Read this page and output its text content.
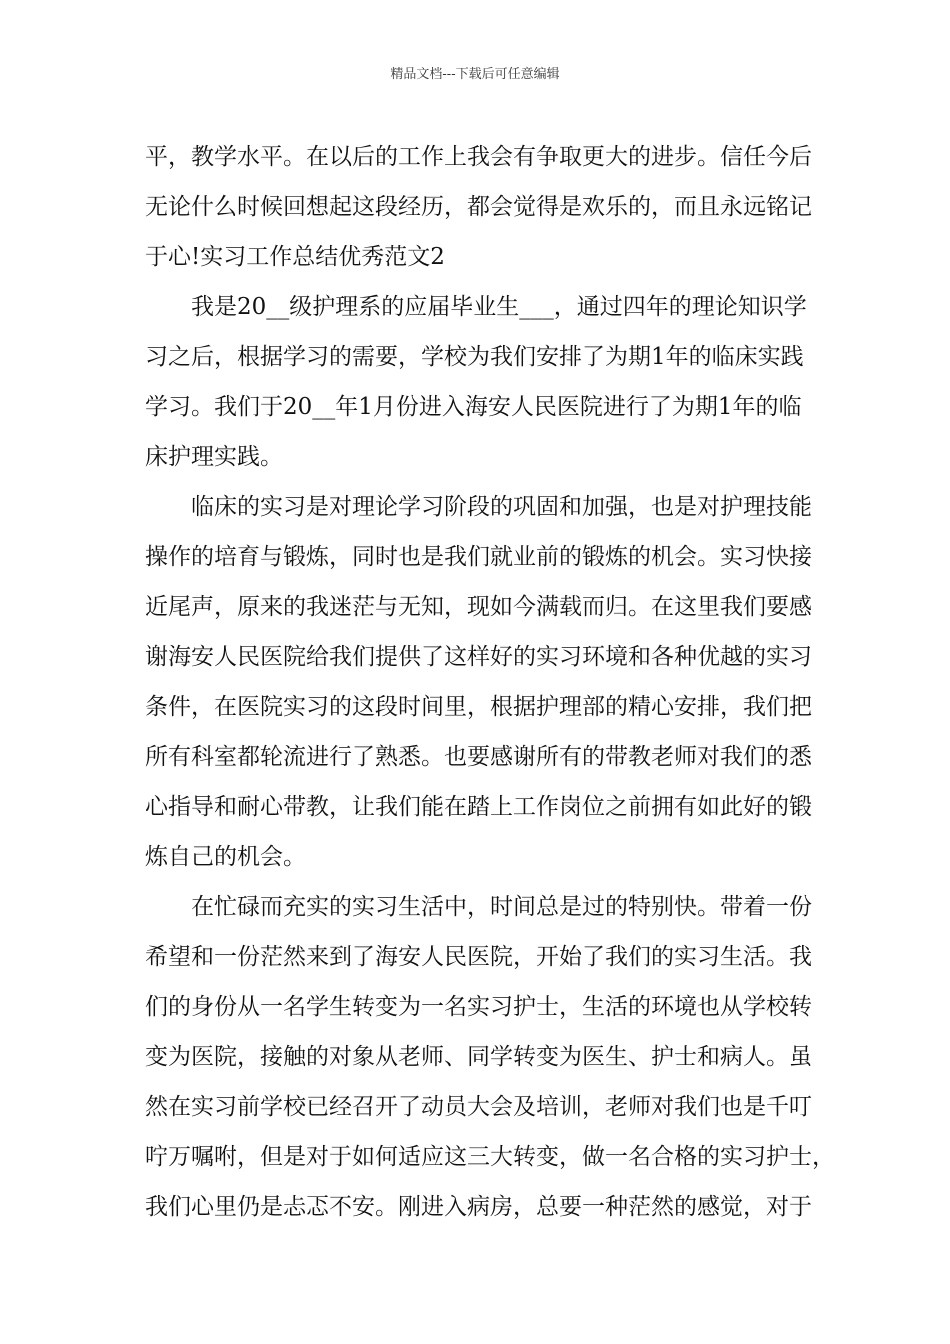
精品文档---下载后可任意编辑
平，教学水平。在以后的工作上我会有争取更大的进步。信任今后
无论什么时候回想起这段经历，都会觉得是欢乐的，而且永远铭记
于心!实习工作总结优秀范文2
我是20__级护理系的应届毕业生___，通过四年的理论知识学
习之后，根据学习的需要，学校为我们安排了为期1年的临床实践
学习。我们于20__年1月份进入海安人民医院进行了为期1年的临
床护理实践。
临床的实习是对理论学习阶段的巩固和加强，也是对护理技能
操作的培育与锻炼，同时也是我们就业前的锻炼的机会。实习快接
近尾声，原来的我迷茫与无知，现如今满载而归。在这里我们要感
谢海安人民医院给我们提供了这样好的实习环境和各种优越的实习
条件，在医院实习的这段时间里，根据护理部的精心安排，我们把
所有科室都轮流进行了熟悉。也要感谢所有的带教老师对我们的悉
心指导和耐心带教，让我们能在踏上工作岗位之前拥有如此好的锻
炼自己的机会。
在忙碌而充实的实习生活中，时间总是过的特别快。带着一份
希望和一份茫然来到了海安人民医院，开始了我们的实习生活。我
们的身份从一名学生转变为一名实习护士，生活的环境也从学校转
变为医院，接触的对象从老师、同学转变为医生、护士和病人。虽
然在实习前学校已经召开了动员大会及培训，老师对我们也是千叮
咛万嘱咐，但是对于如何适应这三大转变，做一名合格的实习护士，
我们心里仍是忐忑不安。刚进入病房，总要一种茫然的感觉，对于
